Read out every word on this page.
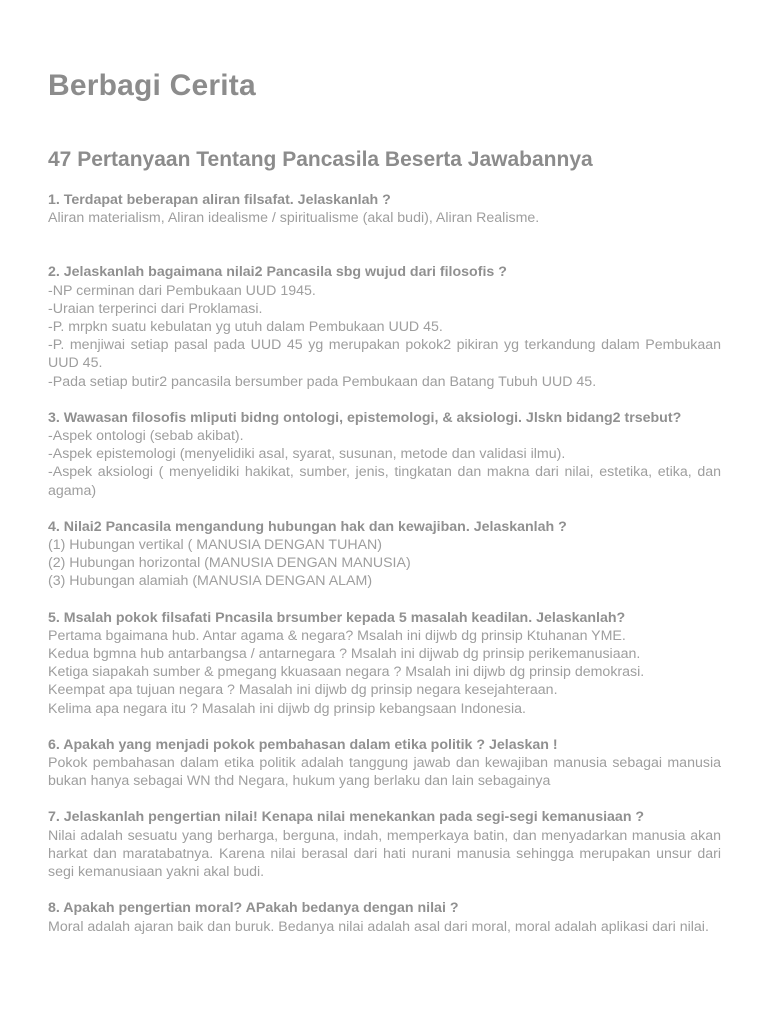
Berbagi Cerita
47 Pertanyaan Tentang Pancasila Beserta Jawabannya
1. Terdapat beberapan aliran filsafat. Jelaskanlah ?
Aliran materialism, Aliran idealisme / spiritualisme (akal budi), Aliran Realisme.
2. Jelaskanlah bagaimana nilai2 Pancasila sbg wujud dari filosofis ?
-NP cerminan dari Pembukaan UUD 1945.
-Uraian terperinci dari Proklamasi.
-P. mrpkn suatu kebulatan yg utuh dalam Pembukaan UUD 45.
-P. menjiwai setiap pasal pada UUD 45 yg merupakan pokok2 pikiran yg terkandung dalam Pembukaan UUD 45.
-Pada setiap butir2 pancasila bersumber pada Pembukaan dan Batang Tubuh UUD 45.
3. Wawasan filosofis mliputi bidng ontologi, epistemologi, & aksiologi. Jlskn bidang2 trsebut?
-Aspek ontologi (sebab akibat).
-Aspek epistemologi (menyelidiki asal, syarat, susunan, metode dan validasi ilmu).
-Aspek aksiologi ( menyelidiki hakikat, sumber, jenis, tingkatan dan makna dari nilai, estetika, etika, dan agama)
4. Nilai2 Pancasila mengandung hubungan hak dan kewajiban. Jelaskanlah ?
(1) Hubungan vertikal ( MANUSIA DENGAN TUHAN)
(2) Hubungan horizontal (MANUSIA DENGAN MANUSIA)
(3) Hubungan alamiah (MANUSIA DENGAN ALAM)
5. Msalah pokok filsafati Pncasila brsumber kepada 5 masalah keadilan. Jelaskanlah?
Pertama bgaimana hub. Antar agama & negara? Msalah ini dijwb dg prinsip Ktuhanan YME.
Kedua bgmna hub antarbangsa / antarnegara ? Msalah ini dijwab dg prinsip perikemanusiaan.
Ketiga siapakah sumber & pmegang kkuasaan negara ? Msalah ini dijwb dg prinsip demokrasi.
Keempat apa tujuan negara ? Masalah ini dijwb dg prinsip negara kesejahteraan.
Kelima apa negara itu ? Masalah ini dijwb dg prinsip kebangsaan Indonesia.
6. Apakah yang menjadi pokok pembahasan dalam etika politik ? Jelaskan !
Pokok pembahasan dalam etika politik adalah tanggung jawab dan kewajiban manusia sebagai manusia bukan hanya sebagai WN thd Negara, hukum yang berlaku dan lain sebagainya
7. Jelaskanlah pengertian nilai! Kenapa nilai menekankan pada segi-segi kemanusiaan ?
Nilai adalah sesuatu yang berharga, berguna, indah, memperkaya batin, dan menyadarkan manusia akan harkat dan maratabatnya. Karena nilai berasal dari hati nurani manusia sehingga merupakan unsur dari segi kemanusiaan yakni akal budi.
8. Apakah pengertian moral? APakah bedanya dengan nilai ?
Moral adalah ajaran baik dan buruk. Bedanya nilai adalah asal dari moral, moral adalah aplikasi dari nilai.
